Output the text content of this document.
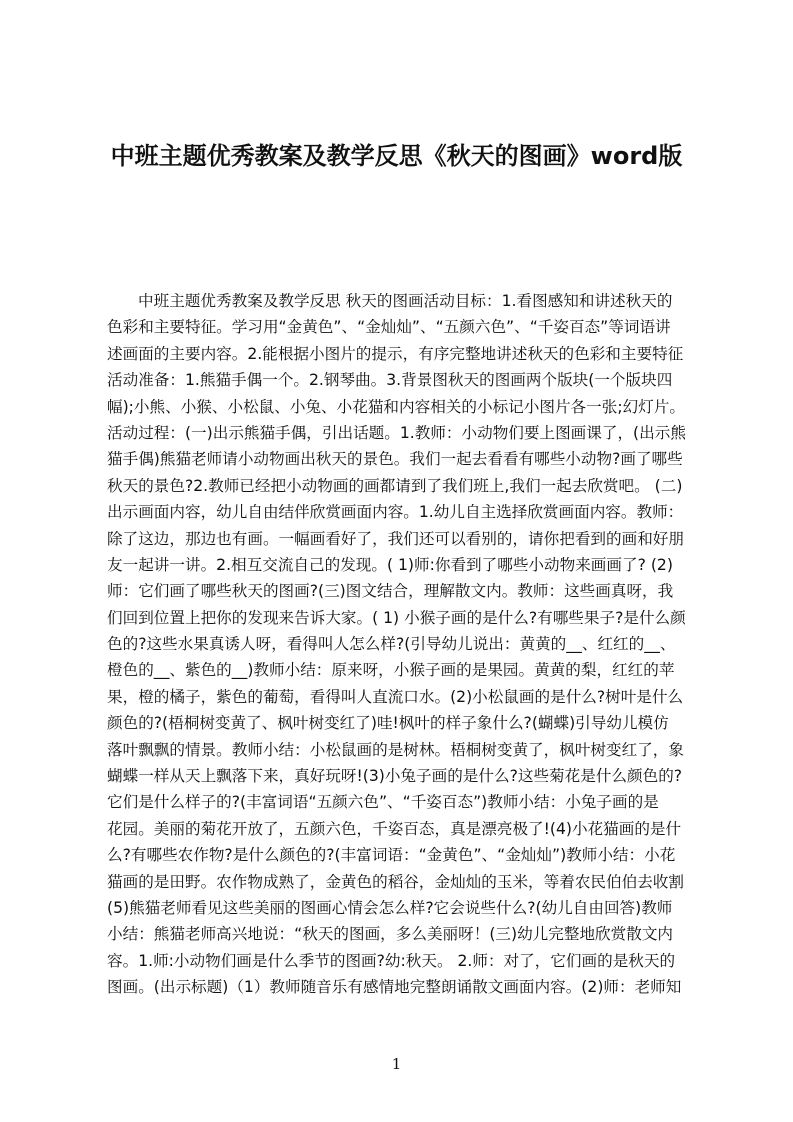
中班主题优秀教案及教学反思《秋天的图画》word版
中班主题优秀教案及教学反思 秋天的图画活动目标：1.看图感知和讲述秋天的
色彩和主要特征。学习用“金黄色”、“金灿灿”、“五颜六色”、“千姿百态”等词语讲
述画面的主要内容。2.能根据小图片的提示，有序完整地讲述秋天的色彩和主要特征
活动准备：1.熊猫手偶一个。2.钢琴曲。3.背景图秋天的图画两个版块(一个版块四
幅);小熊、小猴、小松鼠、小兔、小花猫和内容相关的小标记小图片各一张;幻灯片。
活动过程：(一)出示熊猫手偶，引出话题。1.教师：小动物们要上图画课了，(出示熊
猫手偶)熊猫老师请小动物画出秋天的景色。我们一起去看看有哪些小动物?画了哪些
秋天的景色?2.教师已经把小动物画的画都请到了我们班上,我们一起去欣赏吧。 (二)
出示画面内容，幼儿自由结伴欣赏画面内容。1.幼儿自主选择欣赏画面内容。教师：
除了这边，那边也有画。一幅画看好了，我们还可以看别的，请你把看到的画和好朋
友一起讲一讲。2.相互交流自己的发现。( 1)师:你看到了哪些小动物来画画了? (2)
师：它们画了哪些秋天的图画?(三)图文结合，理解散文内。教师：这些画真呀，我
们回到位置上把你的发现来告诉大家。( 1) 小猴子画的是什么?有哪些果子?是什么颜
色的?这些水果真诱人呀，看得叫人怎么样?(引导幼儿说出：黄黄的__、红红的__、
橙色的__、紫色的__)教师小结：原来呀，小猴子画的是果园。黄黄的梨，红红的苹
果，橙的橘子，紫色的葡萄，看得叫人直流口水。(2)小松鼠画的是什么?树叶是什么
颜色的?(梧桐树变黄了、枫叶树变红了)哇!枫叶的样子象什么?(蝴蝶)引导幼儿模仿
落叶飘飘的情景。教师小结：小松鼠画的是树林。梧桐树变黄了，枫叶树变红了，象
蝴蝶一样从天上飘落下来，真好玩呀!(3)小兔子画的是什么?这些菊花是什么颜色的?
它们是什么样子的?(丰富词语“五颜六色”、“千姿百态”)教师小结：小兔子画的是
花园。美丽的菊花开放了，五颜六色，千姿百态，真是漂亮极了!(4)小花猫画的是什
么?有哪些农作物?是什么颜色的?(丰富词语：“金黄色”、“金灿灿”)教师小结：小花
猫画的是田野。农作物成熟了，金黄色的稻谷，金灿灿的玉米，等着农民伯伯去收割
(5)熊猫老师看见这些美丽的图画心情会怎么样?它会说些什么?(幼儿自由回答)教师
小结：熊猫老师高兴地说：“秋天的图画，多么美丽呀！(三)幼儿完整地欣赏散文内
容。1.师:小动物们画是什么季节的图画?幼:秋天。 2.师：对了，它们画的是秋天的
图画。(出示标题)（1）教师随音乐有感情地完整朗诵散文画面内容。(2)师：老师知
1
